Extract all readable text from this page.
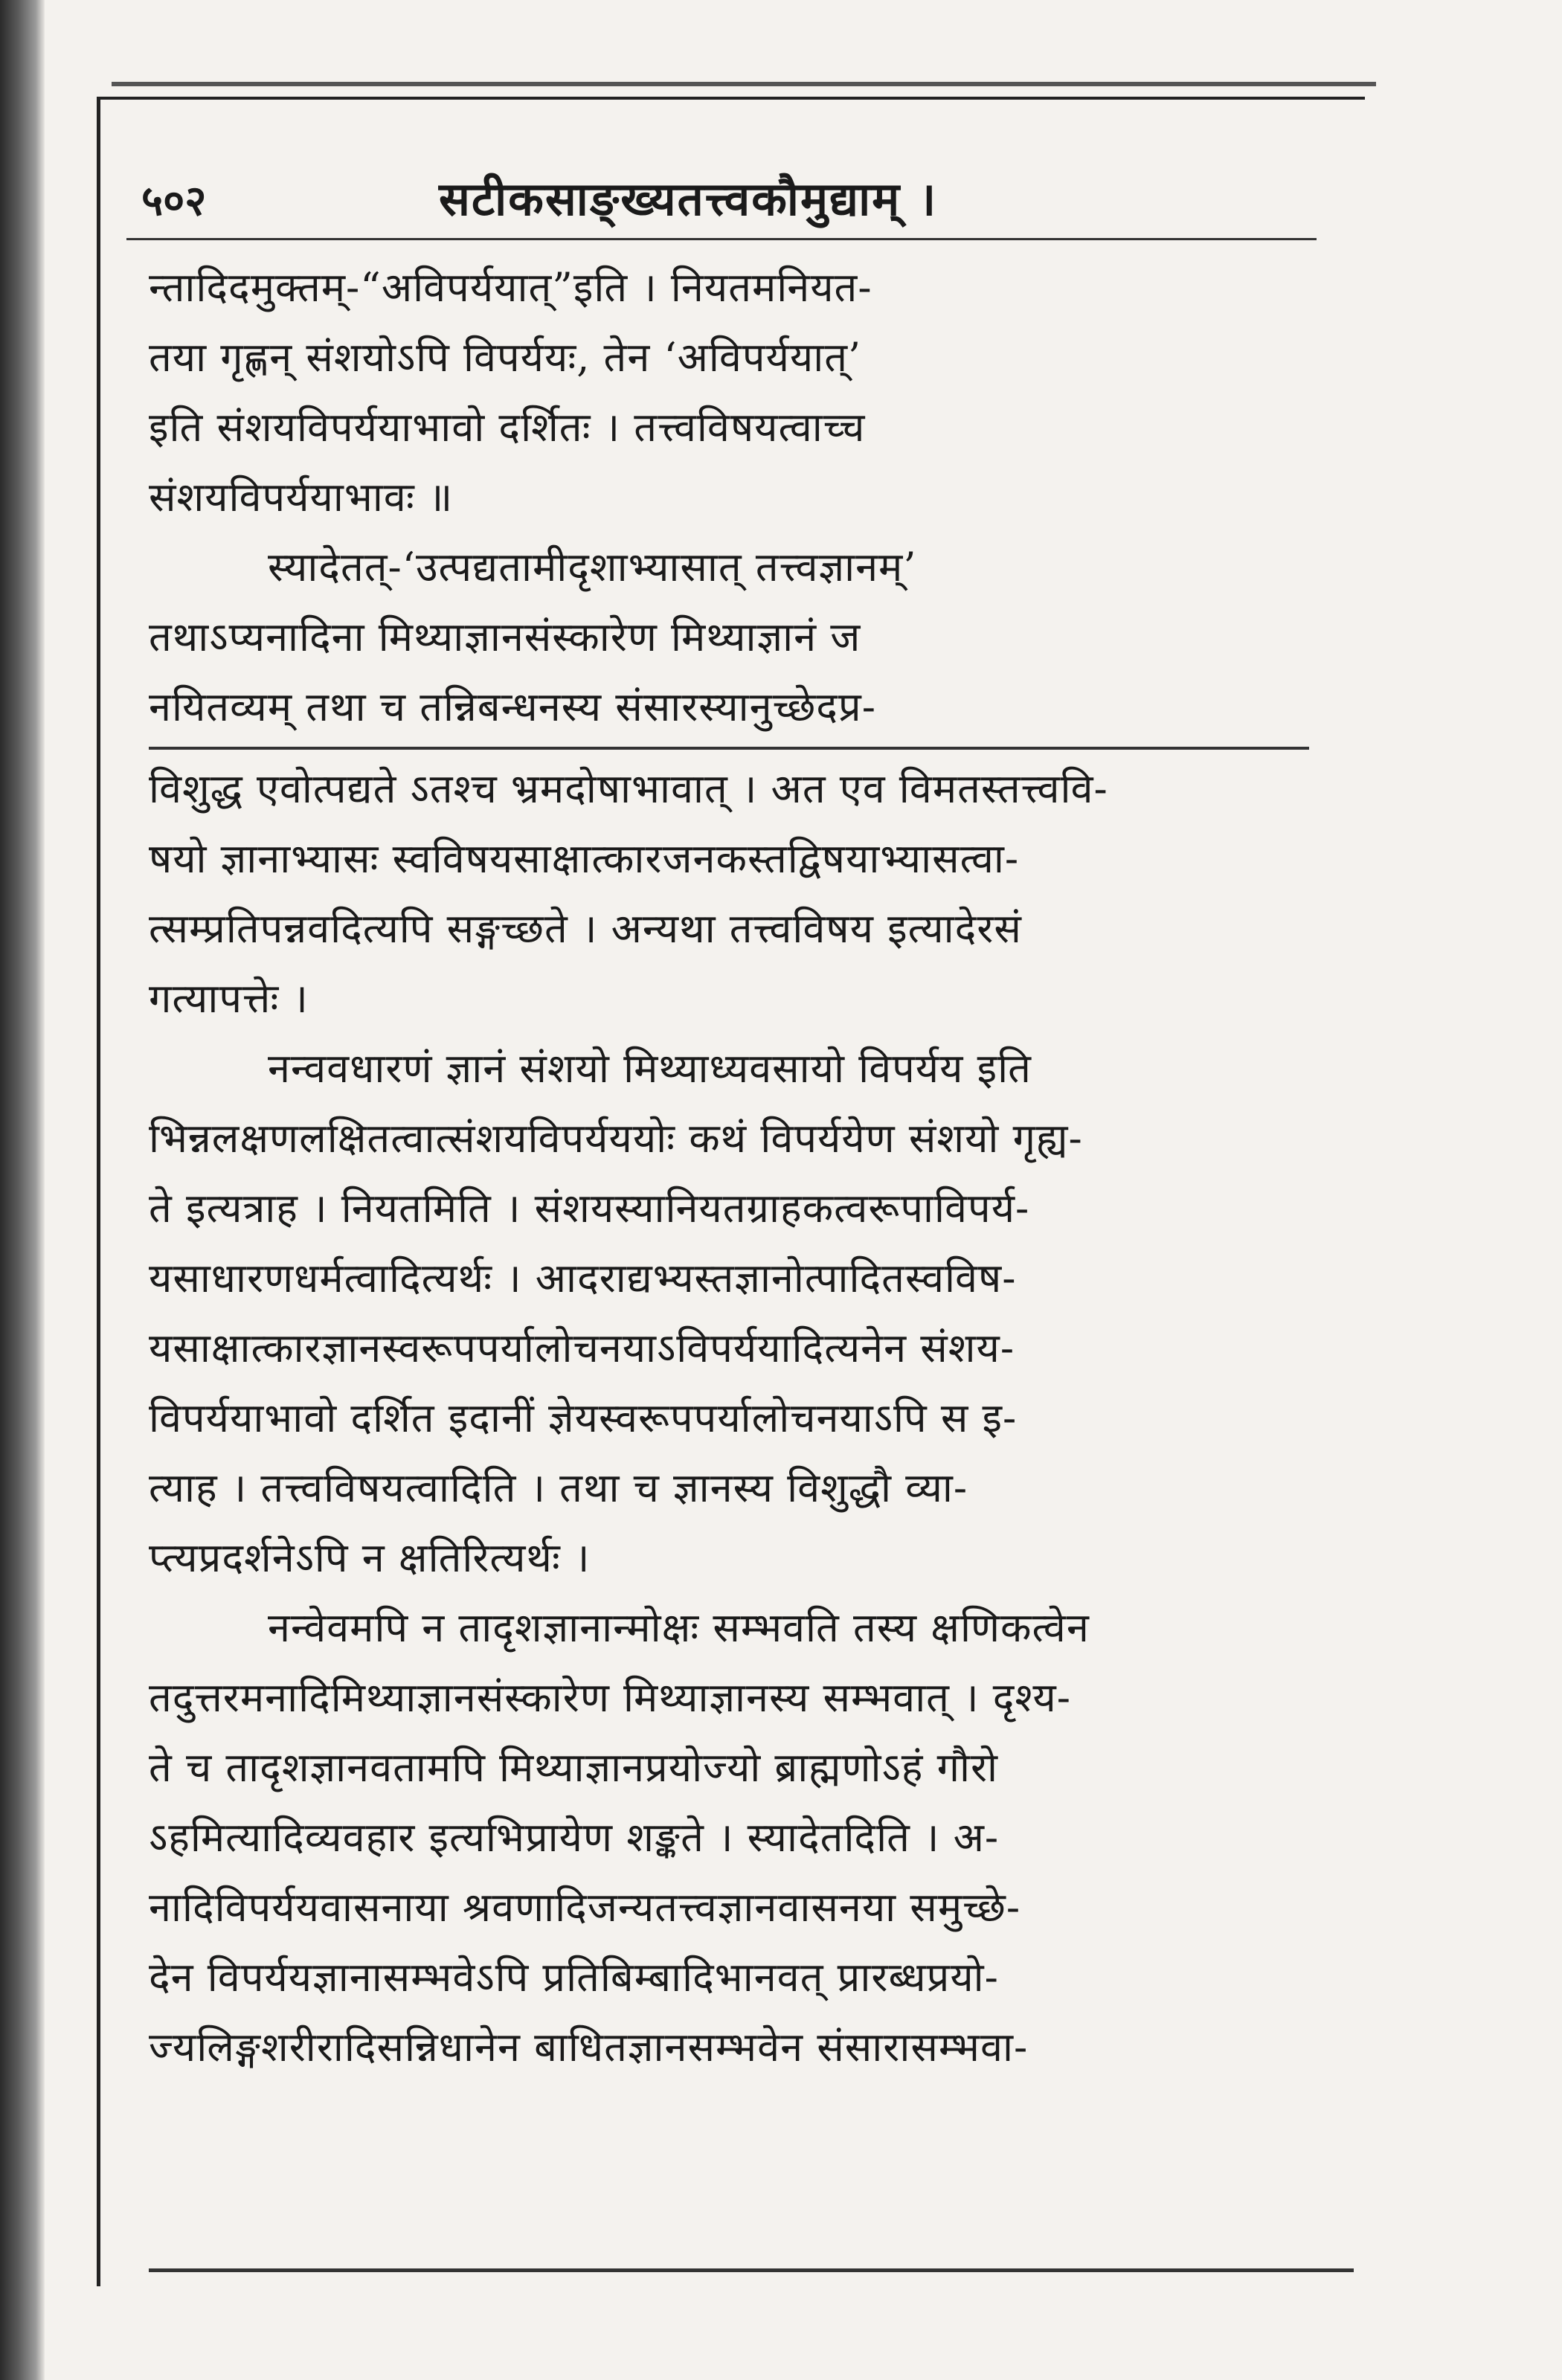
५०२	सटीकसाङ्ख्यतत्त्वकौमुद्याम् ।
न्तादिदमुक्तम्-“अविपर्ययात्”इति । नियतमनियत-
तया गृह्णन् संशयोऽपि विपर्ययः, तेन ‘अविपर्ययात्’
इति संशयविपर्ययाभावो दर्शितः । तत्त्वविषयत्वाच्च
संशयविपर्ययाभावः ॥
स्यादेतत्-‘उत्पद्यतामीदृशाभ्यासात् तत्त्वज्ञानम्’
तथाऽप्यनादिना मिथ्याज्ञानसंस्कारेण मिथ्याज्ञानं ज
नयितव्यम् तथा च तन्निबन्धनस्य संसारस्यानुच्छेदप्र-
विशुद्ध एवोत्पद्यते ऽतश्च भ्रमदोषाभावात् । अत एव विमतस्तत्त्ववि-
षयो ज्ञानाभ्यासः स्वविषयसाक्षात्कारजनकस्तद्विषयाभ्यासत्वा-
त्सम्प्रतिपन्नवदित्यपि सङ्गच्छते । अन्यथा तत्त्वविषय इत्यादेरसं
गत्यापत्तेः ।
नन्ववधारणं ज्ञानं संशयो मिथ्याध्यवसायो विपर्यय इति
भिन्नलक्षणलक्षितत्वात्संशयविपर्यययोः कथं विपर्ययेण संशयो गृह्य-
ते इत्यत्राह । नियतमिति । संशयस्यानियतग्राहकत्वरूपाविपर्य-
यसाधारणधर्मत्वादित्यर्थः । आदराद्यभ्यस्तज्ञानोत्पादितस्वविष-
यसाक्षात्कारज्ञानस्वरूपपर्यालोचनयाऽविपर्ययादित्यनेन संशय-
विपर्ययाभावो दर्शित इदानीं ज्ञेयस्वरूपपर्यालोचनयाऽपि स इ-
त्याह । तत्त्वविषयत्वादिति । तथा च ज्ञानस्य विशुद्धौ व्या-
प्त्यप्रदर्शनेऽपि न क्षतिरित्यर्थः ।
नन्वेवमपि न तादृशज्ञानान्मोक्षः सम्भवति तस्य क्षणिकत्वेन
तदुत्तरमनादिमिथ्याज्ञानसंस्कारेण मिथ्याज्ञानस्य सम्भवात् । दृश्य-
ते च तादृशज्ञानवतामपि मिथ्याज्ञानप्रयोज्यो ब्राह्मणोऽहं गौरो
ऽहमित्यादिव्यवहार इत्यभिप्रायेण शङ्कते । स्यादेतदिति । अ-
नादिविपर्ययवासनाया श्रवणादिजन्यतत्त्वज्ञानवासनया समुच्छे-
देन विपर्ययज्ञानासम्भवेऽपि प्रतिबिम्बादिभानवत् प्रारब्धप्रयो-
ज्यलिङ्गशरीरादिसन्निधानेन बाधितज्ञानसम्भवेन संसारासम्भवा-
